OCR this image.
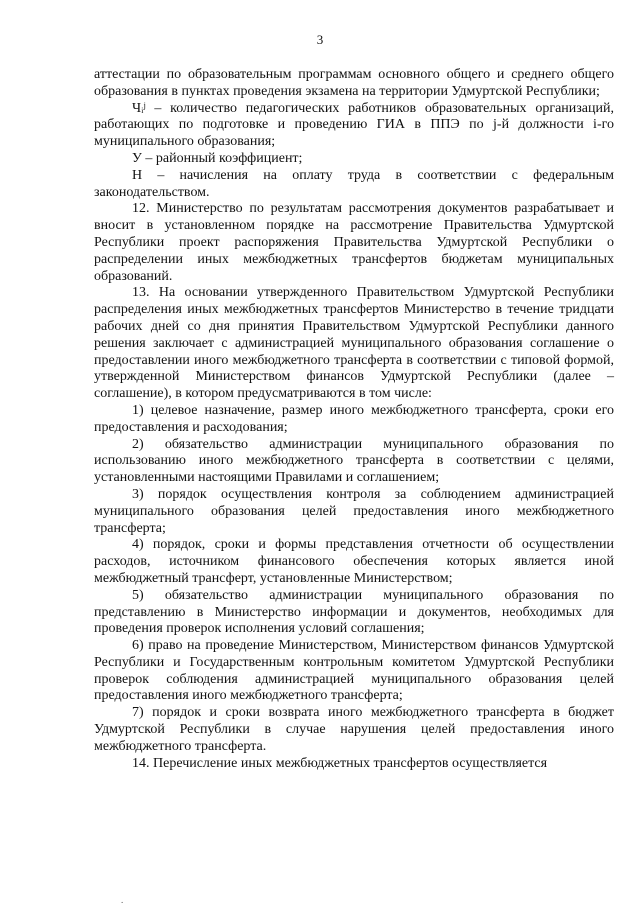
3

аттестации по образовательным программам основного общего и среднего общего образования в пунктах проведения экзамена на территории Удмуртской Республики;

Чᵢʲ – количество педагогических работников образовательных организаций, работающих по подготовке и проведению ГИА в ППЭ по j-й должности i-го муниципального образования;

У – районный коэффициент;

Н – начисления на оплату труда в соответствии с федеральным законодательством.

12. Министерство по результатам рассмотрения документов разрабатывает и вносит в установленном порядке на рассмотрение Правительства Удмуртской Республики проект распоряжения Правительства Удмуртской Республики о распределении иных межбюджетных трансфертов бюджетам муниципальных образований.

13. На основании утвержденного Правительством Удмуртской Республики распределения иных межбюджетных трансфертов Министерство в течение тридцати рабочих дней со дня принятия Правительством Удмуртской Республики данного решения заключает с администрацией муниципального образования соглашение о предоставлении иного межбюджетного трансферта в соответствии с типовой формой, утвержденной Министерством финансов Удмуртской Республики (далее – соглашение), в котором предусматриваются в том числе:

1) целевое назначение, размер иного межбюджетного трансферта, сроки его предоставления и расходования;

2) обязательство администрации муниципального образования по использованию иного межбюджетного трансферта в соответствии с целями, установленными настоящими Правилами и соглашением;

3) порядок осуществления контроля за соблюдением администрацией муниципального образования целей предоставления иного межбюджетного трансферта;

4) порядок, сроки и формы представления отчетности об осуществлении расходов, источником финансового обеспечения которых является иной межбюджетный трансферт, установленные Министерством;

5) обязательство администрации муниципального образования по представлению в Министерство информации и документов, необходимых для проведения проверок исполнения условий соглашения;

6) право на проведение Министерством, Министерством финансов Удмуртской Республики и Государственным контрольным комитетом Удмуртской Республики проверок соблюдения администрацией муниципального образования целей предоставления иного межбюджетного трансферта;

7) порядок и сроки возврата иного межбюджетного трансферта в бюджет Удмуртской Республики в случае нарушения целей предоставления иного межбюджетного трансферта.

14. Перечисление иных межбюджетных трансфертов осуществляется

.
